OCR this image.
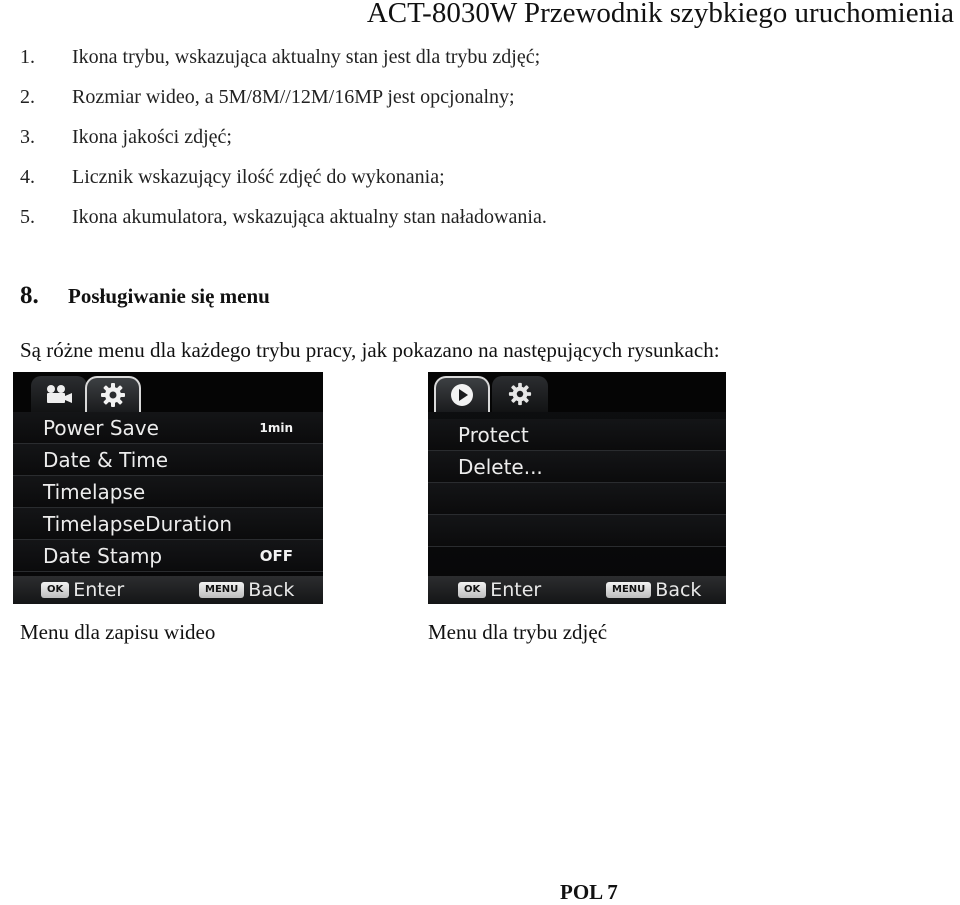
ACT-8030W Przewodnik szybkiego uruchomienia
1. Ikona trybu, wskazująca aktualny stan jest dla trybu zdjęć;
2. Rozmiar wideo, a 5M/8M//12M/16MP jest opcjonalny;
3. Ikona jakości zdjęć;
4. Licznik wskazujący ilość zdjęć do wykonania;
5. Ikona akumulatora, wskazująca aktualny stan naładowania.
8. Posługiwanie się menu
Są różne menu dla każdego trybu pracy, jak pokazano na następujących rysunkach:
Power Save	1min
Date & Time
Timelapse
TimelapseDuration
Date Stamp	OFF
OK Enter	MENU Back
Protect
Delete...
OK Enter	MENU Back
Menu dla zapisu wideo	Menu dla trybu zdjęć
POL 7
